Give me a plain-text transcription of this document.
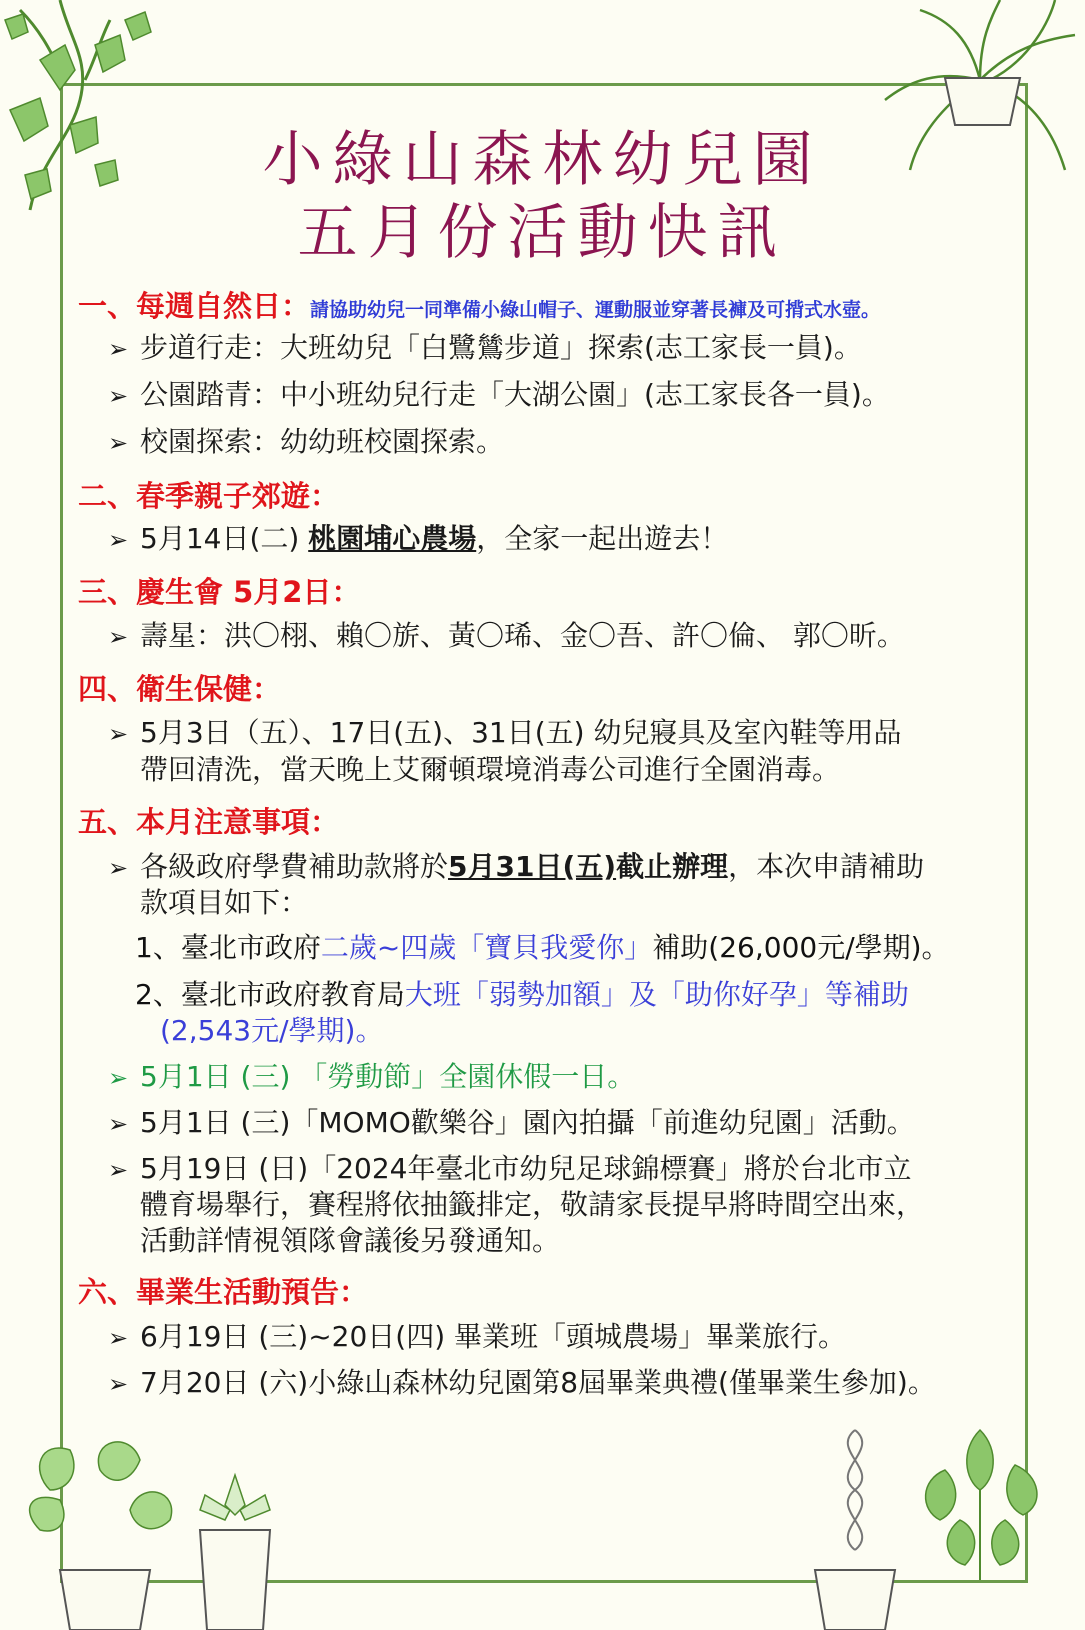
小綠山森林幼兒園
五月份活動快訊
一、每週自然日：請協助幼兒一同準備小綠山帽子、運動服並穿著長褲及可揹式水壺。
➢ 步道行走：大班幼兒「白鷺鷥步道」探索(志工家長一員)。
➢ 公園踏青：中小班幼兒行走「大湖公園」(志工家長各一員)。
➢ 校園探索：幼幼班校園探索。
二、春季親子郊遊：
➢ 5月14日(二) 桃園埔心農場，全家一起出遊去！
三、慶生會 5月2日：
➢ 壽星：洪〇栩、賴〇旂、黃〇琋、金〇吾、許〇倫、 郭〇昕。
四、衛生保健：
➢ 5月3日（五）、17日(五)、31日(五) 幼兒寢具及室內鞋等用品
帶回清洗，當天晚上艾爾頓環境消毒公司進行全園消毒。
五、本月注意事項：
➢ 各級政府學費補助款將於5月31日(五)截止辦理，本次申請補助
款項目如下：
1、臺北市政府二歲~四歲「寶貝我愛你」補助(26,000元/學期)。
2、臺北市政府教育局大班「弱勢加額」及「助你好孕」等補助
(2,543元/學期)。
➢ 5月1日 (三) 「勞動節」全園休假一日。
➢ 5月1日 (三)「MOMO歡樂谷」園內拍攝「前進幼兒園」活動。
➢ 5月19日 (日)「2024年臺北市幼兒足球錦標賽」將於台北市立
體育場舉行，賽程將依抽籤排定，敬請家長提早將時間空出來，
活動詳情視領隊會議後另發通知。
六、畢業生活動預告：
➢ 6月19日 (三)~20日(四) 畢業班「頭城農場」畢業旅行。
➢ 7月20日 (六)小綠山森林幼兒園第8屆畢業典禮(僅畢業生參加)。
